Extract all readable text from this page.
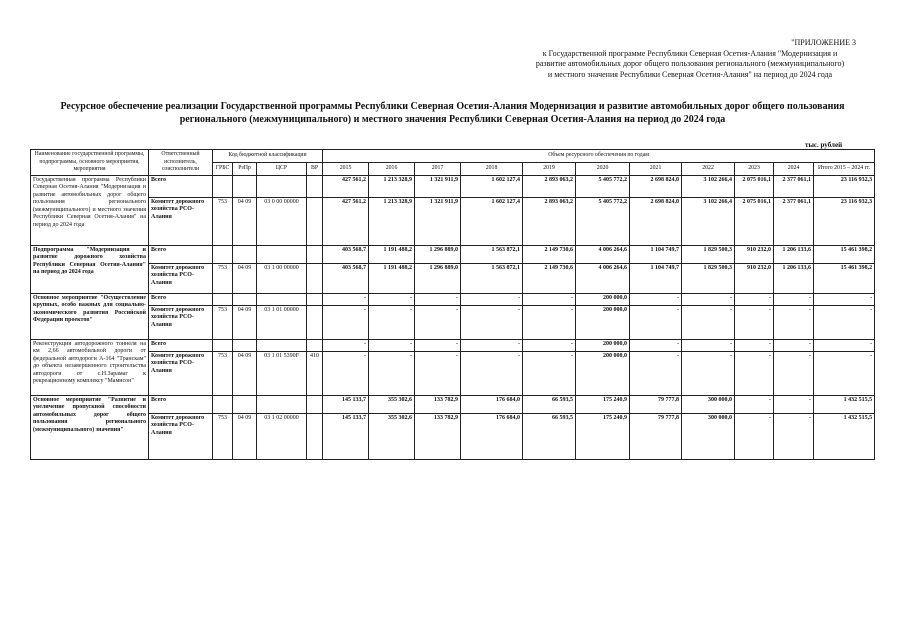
"ПРИЛОЖЕНИЕ 3
к Государственной программе Республики Северная Осетия-Алания "Модернизация и
развитие автомобильных дорог общего пользования регионального (межмуниципального)
и местного значения Республики Северная Осетия-Алания" на период до 2024 года
Ресурсное обеспечение реализации Государственной программы Республики Северная Осетия-Алания Модернизация и развитие автомобильных дорог общего пользования регионального (межмуниципального) и местного значения Республики Северная Осетия-Алания на период до 2024 года
тыс. рублей
Наименование государственной программы, подпрограммы, основного мероприятия, мероприятия	Ответственный исполнитель, соисполнители	Код бюджетной классификации				Объем ресурсного обеспечения по годам										
		ГРБС	РзПр	ЦСР	ВР	2015	2016	2017	2018	2019	2020	2021	2022	2023	2024	Итого 2015 – 2024 гг.
Государственная программа Республики Северная Осетия-Алания "Модернизация и развитие автомобильных дорог общего пользования регионального (межмуниципального) и местного значения Республики Северная Осетия-Алания" на период до 2024 года	Всего					427 561,2	1 213 328,9	1 321 911,9	1 602 127,4	2 893 063,2	5 405 772,2	2 698 824,0	3 102 266,4	2 075 016,1	2 377 061,1	23 116 932,3
	Комитет дорожного хозяйства РСО-Алания	753	04 09	03 0 00 00000		427 561,2	1 213 328,9	1 321 911,9	1 602 127,4	2 893 063,2	5 405 772,2	2 698 824,0	3 102 266,4	2 075 016,1	2 377 061,1	23 116 932,3
Подпрограмма "Модернизация и развитие дорожного хозяйства Республики Северная Осетия-Алания" на период до 2024 года	Всего					403 568,7	1 191 488,2	1 296 889,0	1 563 872,1	2 149 730,6	4 006 264,6	1 104 749,7	1 829 500,3	910 232,0	1 206 133,6	15 461 398,2
	Комитет дорожного хозяйства РСО-Алания	753	04 09	03 1 00 00000		403 568,7	1 191 488,2	1 296 889,0	1 563 872,1	2 149 730,6	4 006 264,6	1 104 749,7	1 829 500,3	910 232,0	1 206 133,6	15 461 398,2
Основное мероприятие "Осуществление крупных, особо важных для социально-экономического развития Российской Федерации проектов"	Всего					-	-	-	-	-	200 000,0	-	-	-	-	-
	Комитет дорожного хозяйства РСО-Алания	753	04 09	03 1 01 00000		-	-	-	-	-	200 000,0	-	-	-	-	-
Реконструкция автодорожного тоннеля на км 2,66 автомобильной дороги от федеральной автодороги А-164 "Транскам" до объекта незавершенного строительства автодороги от с.Н.Зарамаг к рекреационному комплексу "Мамисон"	Всего					-	-	-	-	-	200 000,0	-	-	-	-	-
	Комитет дорожного хозяйства РСО-Алания	753	04 09	03 1 01 5390F	410	-	-	-	-	-	200 000,0	-	-	-	-	-
Основное мероприятие "Развитие и увеличение пропускной способности автомобильных дорог общего пользования регионального (межмуниципального) значения"	Всего					145 133,7	355 302,6	133 782,9	176 684,0	66 593,5	175 240,9	79 777,8	300 000,0	-	-	1 432 515,5
	Комитет дорожного хозяйства РСО-Алания	753	04 09	03 1 02 00000		145 133,7	355 302,6	133 782,9	176 684,0	66 593,5	175 240,9	79 777,8	300 000,0	-	-	1 432 515,5
